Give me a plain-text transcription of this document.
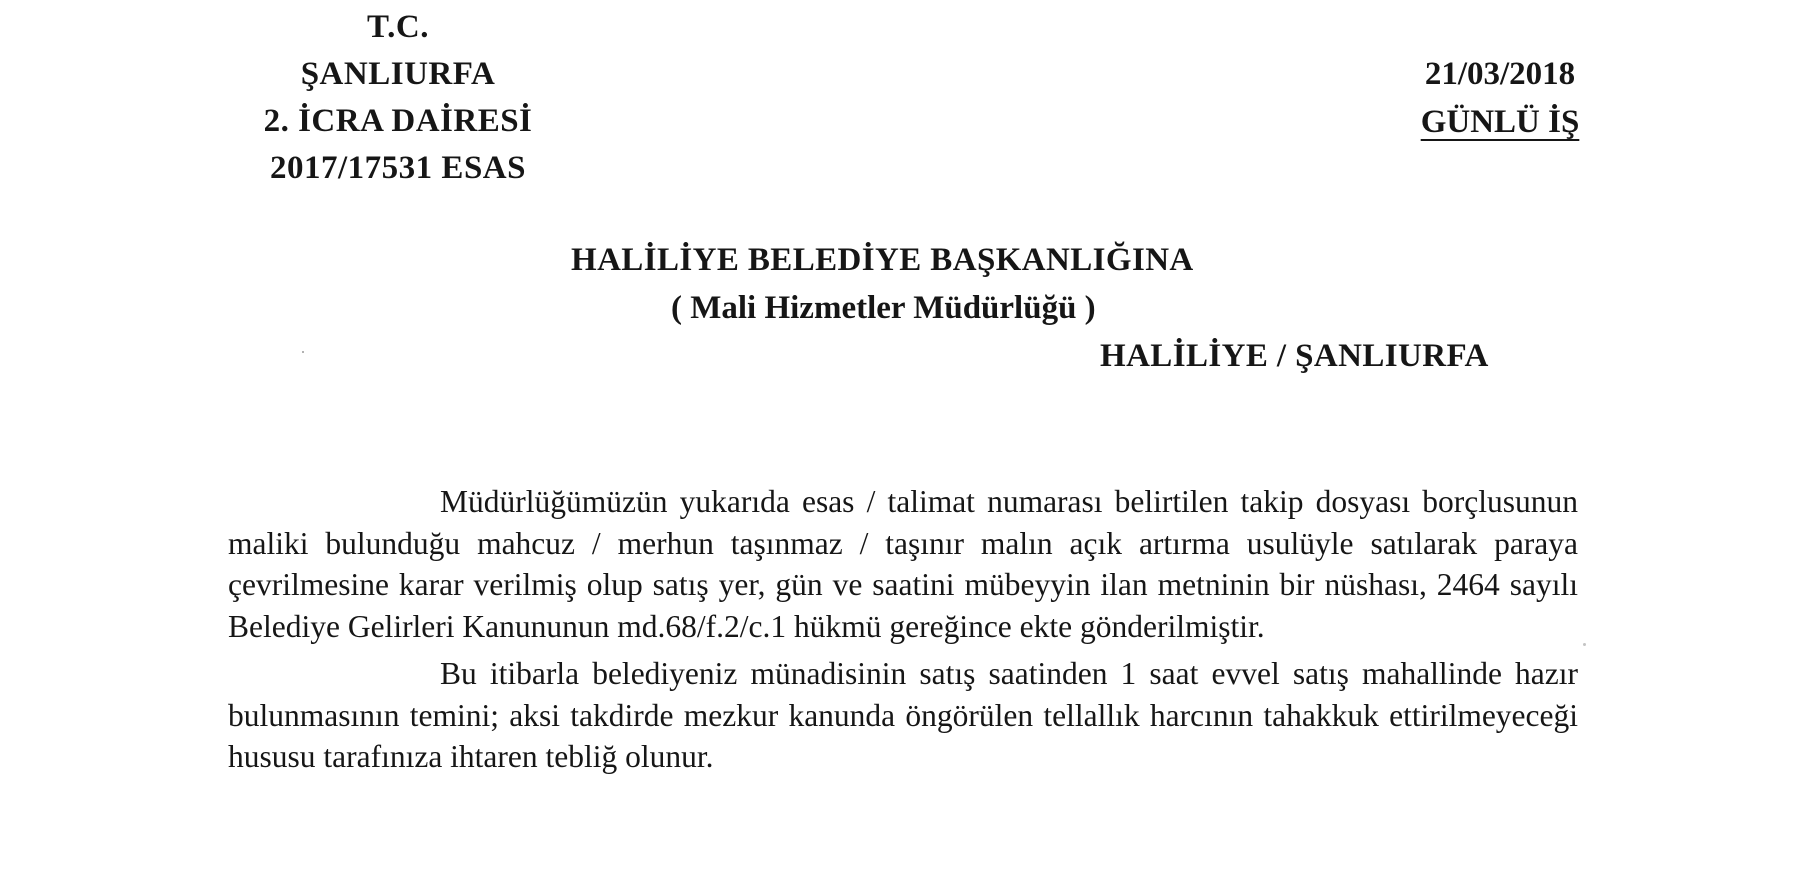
T.C.
ŞANLIURFA
2. İCRA DAİRESİ
2017/17531 ESAS
21/03/2018
GÜNLÜ İŞ
HALİLİYE BELEDİYE BAŞKANLIĞINA
( Mali Hizmetler Müdürlüğü )
HALİLİYE / ŞANLIURFA

Müdürlüğümüzün yukarıda esas / talimat numarası belirtilen takip dosyası borçlusunun maliki bulunduğu mahcuz / merhun taşınmaz / taşınır malın açık artırma usulüyle satılarak paraya çevrilmesine karar verilmiş olup satış yer, gün ve saatini mübeyyin ilan metninin bir nüshası, 2464 sayılı Belediye Gelirleri Kanununun md.68/f.2/c.1 hükmü gereğince ekte gönderilmiştir.

Bu itibarla belediyeniz münadisinin satış saatinden 1 saat evvel satış mahallinde hazır bulunmasının temini; aksi takdirde mezkur kanunda öngörülen tellallık harcının tahakkuk ettirilmeyeceği hususu tarafınıza ihtaren tebliğ olunur.
